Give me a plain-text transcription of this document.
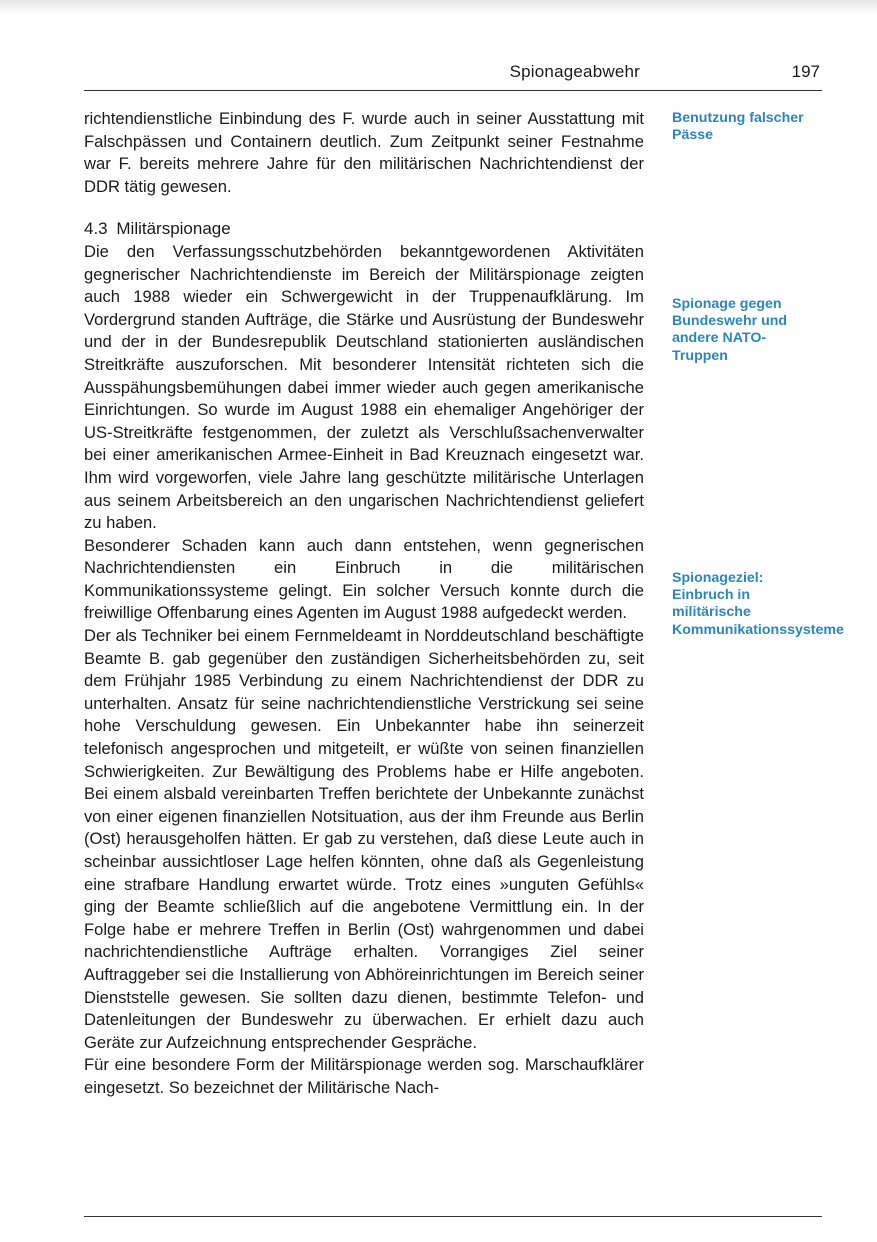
Spionageabwehr	197

richtendienstliche Einbindung des F. wurde auch in seiner Ausstattung mit Falschpässen und Containern deutlich. Zum Zeitpunkt seiner Festnahme war F. bereits mehrere Jahre für den militärischen Nachrichtendienst der DDR tätig gewesen.

4.3 Militärspionage

Die den Verfassungsschutzbehörden bekanntgewordenen Aktivitäten gegnerischer Nachrichtendienste im Bereich der Militärspionage zeigten auch 1988 wieder ein Schwergewicht in der Truppenaufklärung. Im Vordergrund standen Aufträge, die Stärke und Ausrüstung der Bundeswehr und der in der Bundesrepublik Deutschland stationierten ausländischen Streitkräfte auszuforschen. Mit besonderer Intensität richteten sich die Ausspähungsbemühungen dabei immer wieder auch gegen amerikanische Einrichtungen. So wurde im August 1988 ein ehemaliger Angehöriger der US-Streitkräfte festgenommen, der zuletzt als Verschlußsachenverwalter bei einer amerikanischen Armee-Einheit in Bad Kreuznach eingesetzt war. Ihm wird vorgeworfen, viele Jahre lang geschützte militärische Unterlagen aus seinem Arbeitsbereich an den ungarischen Nachrichtendienst geliefert zu haben.

Besonderer Schaden kann auch dann entstehen, wenn gegnerischen Nachrichtendiensten ein Einbruch in die militärischen Kommunikationssysteme gelingt. Ein solcher Versuch konnte durch die freiwillige Offenbarung eines Agenten im August 1988 aufgedeckt werden.

Der als Techniker bei einem Fernmeldeamt in Norddeutschland beschäftigte Beamte B. gab gegenüber den zuständigen Sicherheitsbehörden zu, seit dem Frühjahr 1985 Verbindung zu einem Nachrichtendienst der DDR zu unterhalten. Ansatz für seine nachrichtendienstliche Verstrickung sei seine hohe Verschuldung gewesen. Ein Unbekannter habe ihn seinerzeit telefonisch angesprochen und mitgeteilt, er wüßte von seinen finanziellen Schwierigkeiten. Zur Bewältigung des Problems habe er Hilfe angeboten. Bei einem alsbald vereinbarten Treffen berichtete der Unbekannte zunächst von einer eigenen finanziellen Notsituation, aus der ihm Freunde aus Berlin (Ost) herausgeholfen hätten. Er gab zu verstehen, daß diese Leute auch in scheinbar aussichtloser Lage helfen könnten, ohne daß als Gegenleistung eine strafbare Handlung erwartet würde. Trotz eines »unguten Gefühls« ging der Beamte schließlich auf die angebotene Vermittlung ein. In der Folge habe er mehrere Treffen in Berlin (Ost) wahrgenommen und dabei nachrichtendienstliche Aufträge erhalten. Vorrangiges Ziel seiner Auftraggeber sei die Installierung von Abhöreinrichtungen im Bereich seiner Dienststelle gewesen. Sie sollten dazu dienen, bestimmte Telefon- und Datenleitungen der Bundeswehr zu überwachen. Er erhielt dazu auch Geräte zur Aufzeichnung entsprechender Gespräche.

Für eine besondere Form der Militärspionage werden sog. Marschaufklärer eingesetzt. So bezeichnet der Militärische Nach-

Benutzung falscher Pässe
Spionage gegen Bundeswehr und andere NATO-Truppen
Spionageziel: Einbruch in militärische Kommunikationssysteme
